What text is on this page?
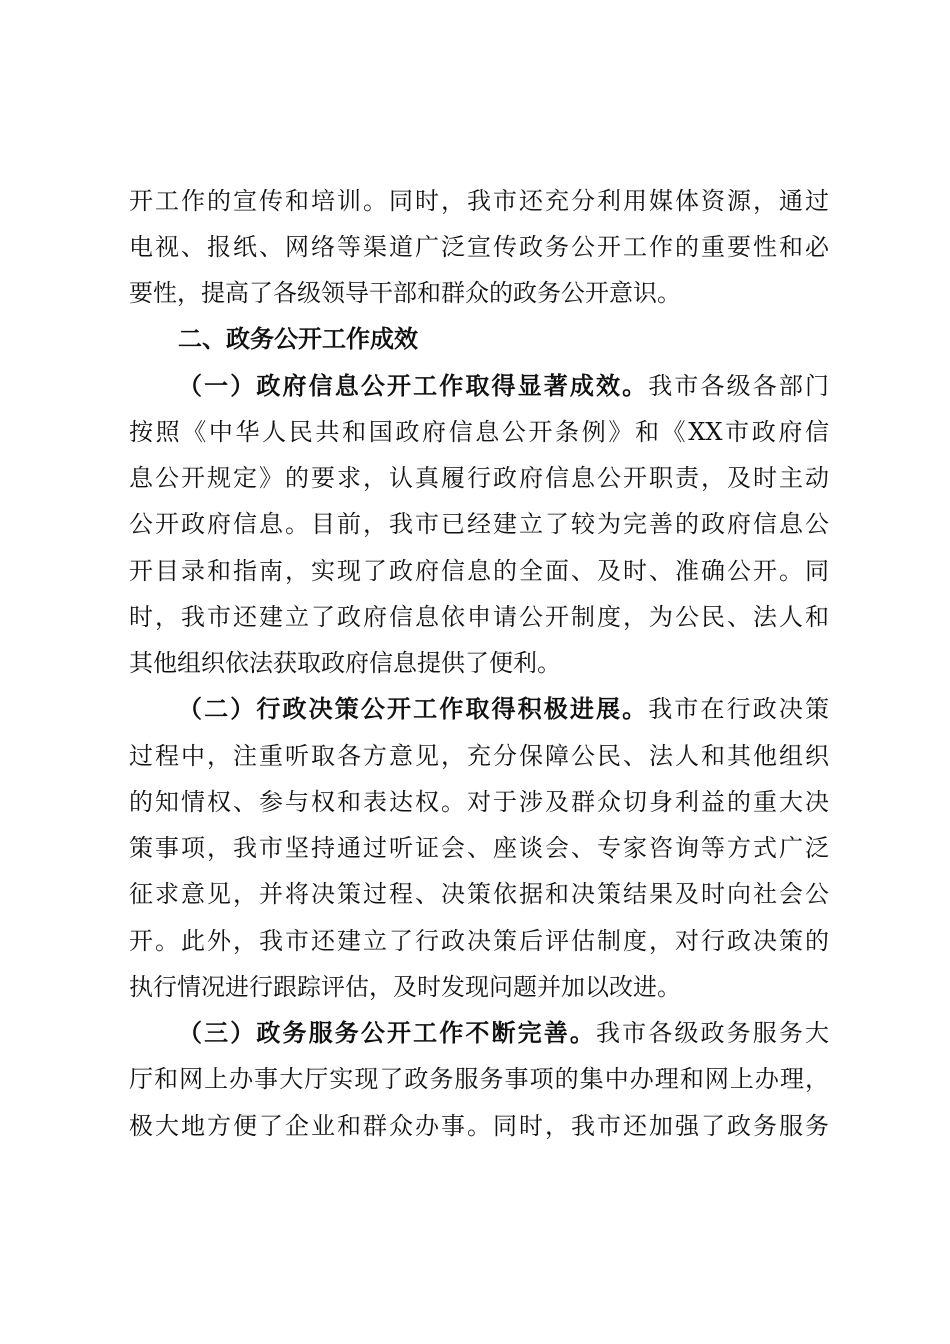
开工作的宣传和培训。同时，我市还充分利用媒体资源，通过
电视、报纸、网络等渠道广泛宣传政务公开工作的重要性和必
要性，提高了各级领导干部和群众的政务公开意识。
二、政务公开工作成效
（一）政府信息公开工作取得显著成效。我市各级各部门
按照《中华人民共和国政府信息公开条例》和《XX市政府信
息公开规定》的要求，认真履行政府信息公开职责，及时主动
公开政府信息。目前，我市已经建立了较为完善的政府信息公
开目录和指南，实现了政府信息的全面、及时、准确公开。同
时，我市还建立了政府信息依申请公开制度，为公民、法人和
其他组织依法获取政府信息提供了便利。
（二）行政决策公开工作取得积极进展。我市在行政决策
过程中，注重听取各方意见，充分保障公民、法人和其他组织
的知情权、参与权和表达权。对于涉及群众切身利益的重大决
策事项，我市坚持通过听证会、座谈会、专家咨询等方式广泛
征求意见，并将决策过程、决策依据和决策结果及时向社会公
开。此外，我市还建立了行政决策后评估制度，对行政决策的
执行情况进行跟踪评估，及时发现问题并加以改进。
（三）政务服务公开工作不断完善。我市各级政务服务大
厅和网上办事大厅实现了政务服务事项的集中办理和网上办理，
极大地方便了企业和群众办事。同时，我市还加强了政务服务
